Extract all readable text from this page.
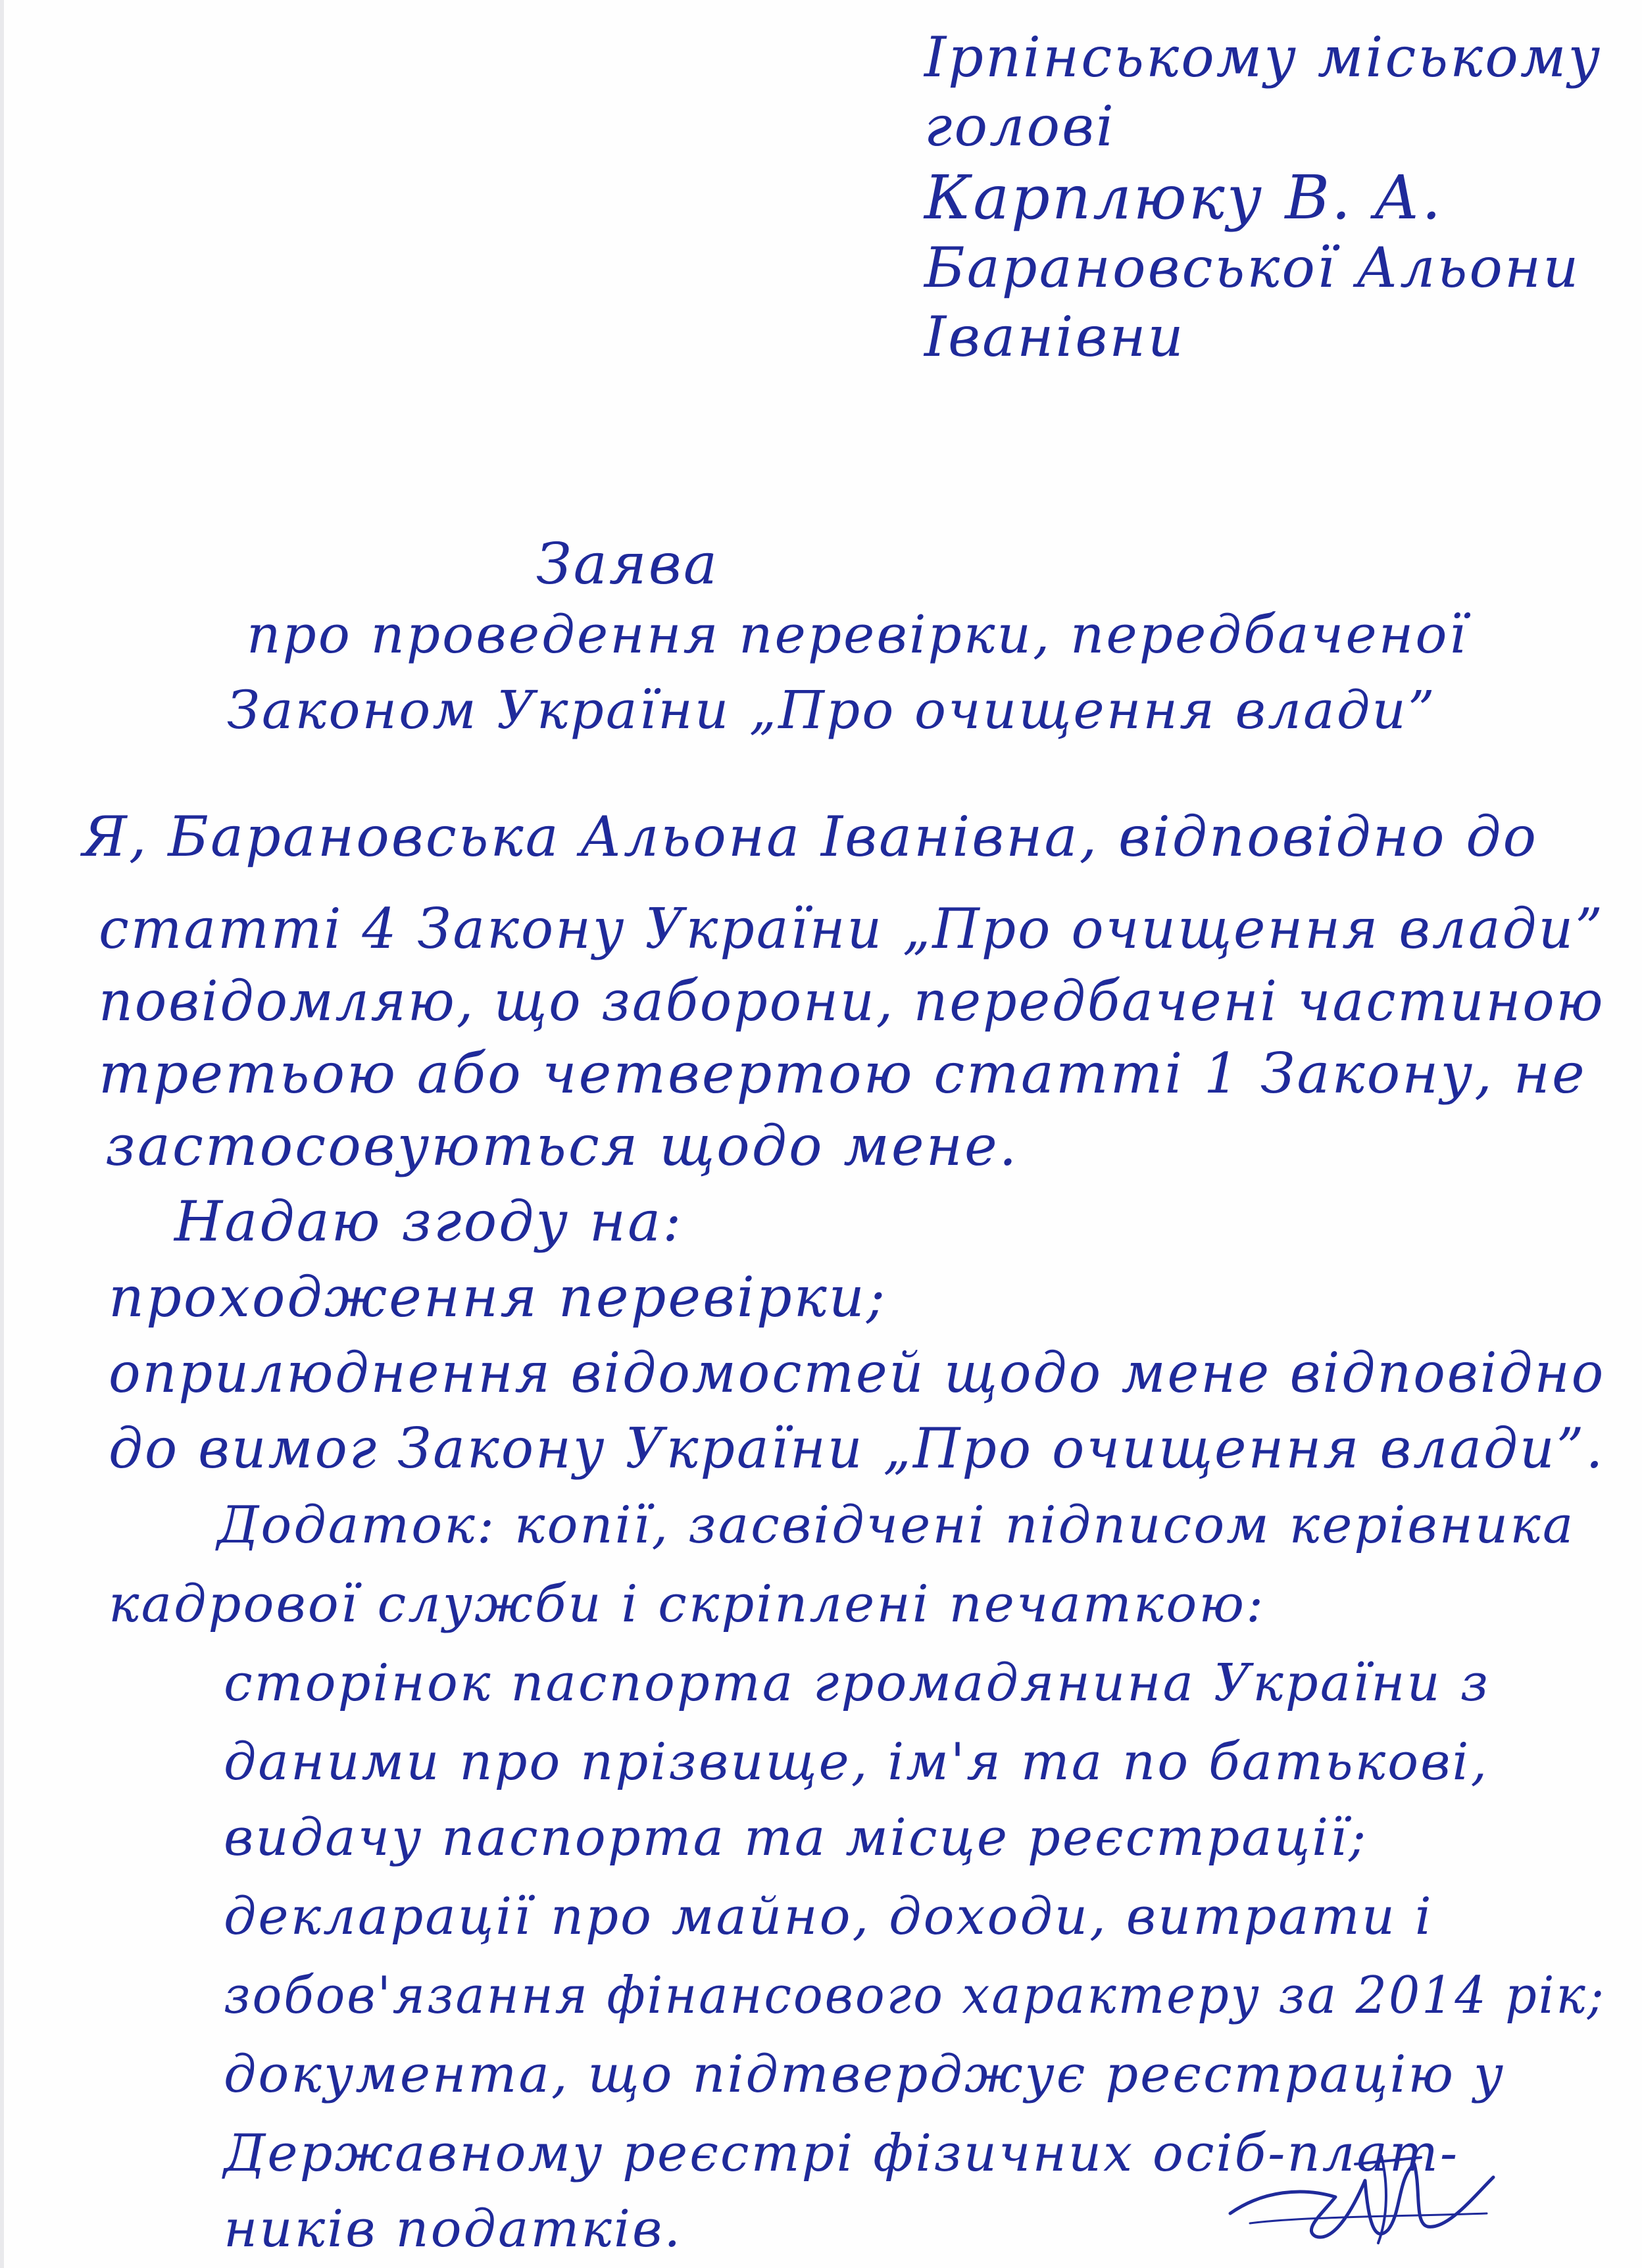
Ірпінському міському
голові
Карплюку В. А.
Барановської Альони
Іванівни
Заява
про проведення перевірки, передбаченої
Законом України „Про очищення влади”
Я, Барановська Альона Іванівна, відповідно до
статті 4 Закону України „Про очищення влади”
повідомляю, що заборони, передбачені частиною
третьою або четвертою статті 1 Закону, не
застосовуються щодо мене.
Надаю згоду на:
проходження перевірки;
оприлюднення відомостей щодо мене відповідно
до вимог Закону України „Про очищення влади”.
Додаток: копії, засвідчені підписом керівника
кадрової служби і скріплені печаткою:
сторінок паспорта громадянина України з
даними про прізвище, ім'я та по батькові,
видачу паспорта та місце реєстрації;
декларації про майно, доходи, витрати і
зобов'язання фінансового характеру за 2014 рік;
документа, що підтверджує реєстрацію у
Державному реєстрі фізичних осіб-плат-
ників податків.
